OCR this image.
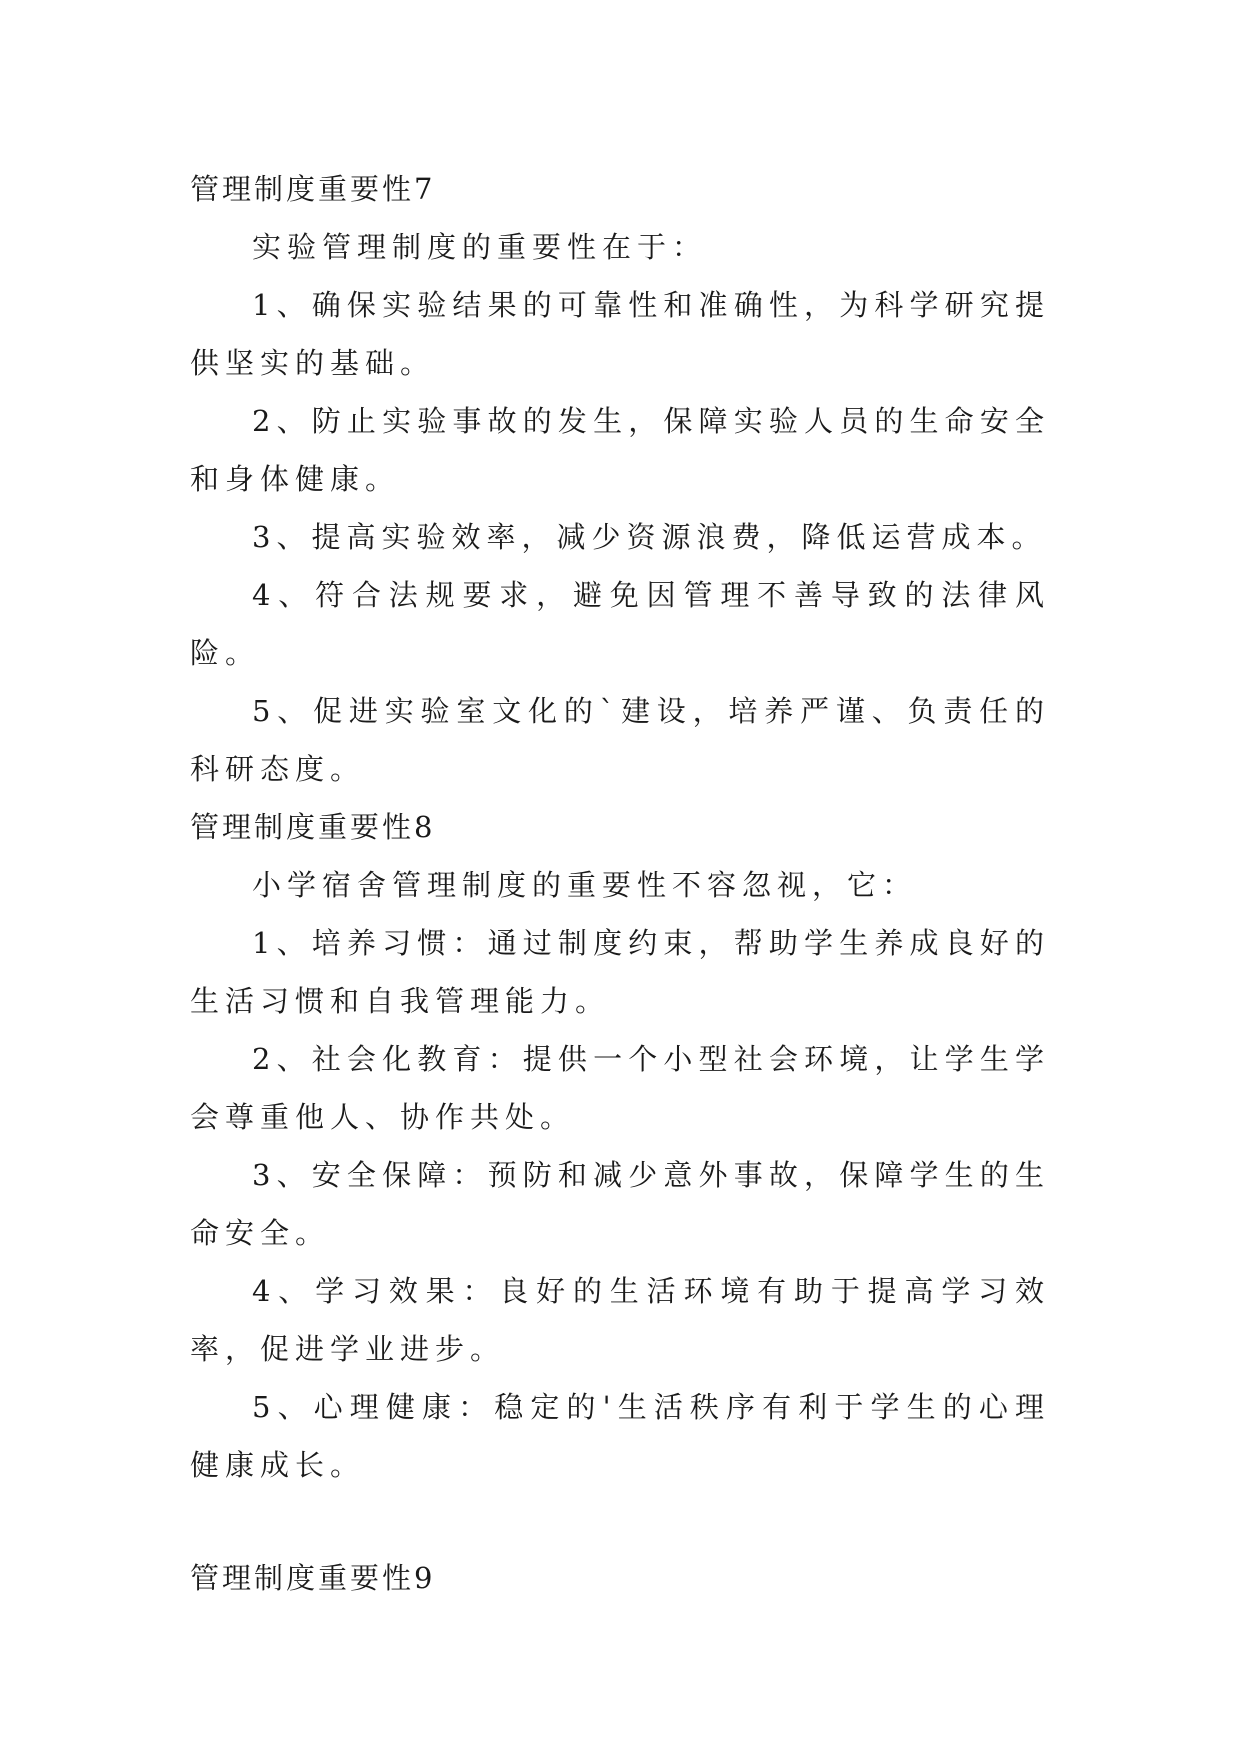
管理制度重要性7

实验管理制度的重要性在于：

1、确保实验结果的可靠性和准确性，为科学研究提供坚实的基础。

2、防止实验事故的发生，保障实验人员的生命安全和身体健康。

3、提高实验效率，减少资源浪费，降低运营成本。

4、符合法规要求，避免因管理不善导致的法律风险。

5、促进实验室文化的`建设，培养严谨、负责任的科研态度。

管理制度重要性8

小学宿舍管理制度的重要性不容忽视，它：

1、培养习惯：通过制度约束，帮助学生养成良好的生活习惯和自我管理能力。

2、社会化教育：提供一个小型社会环境，让学生学会尊重他人、协作共处。

3、安全保障：预防和减少意外事故，保障学生的生命安全。

4、学习效果：良好的生活环境有助于提高学习效率，促进学业进步。

5、心理健康：稳定的'生活秩序有利于学生的心理健康成长。

管理制度重要性9
